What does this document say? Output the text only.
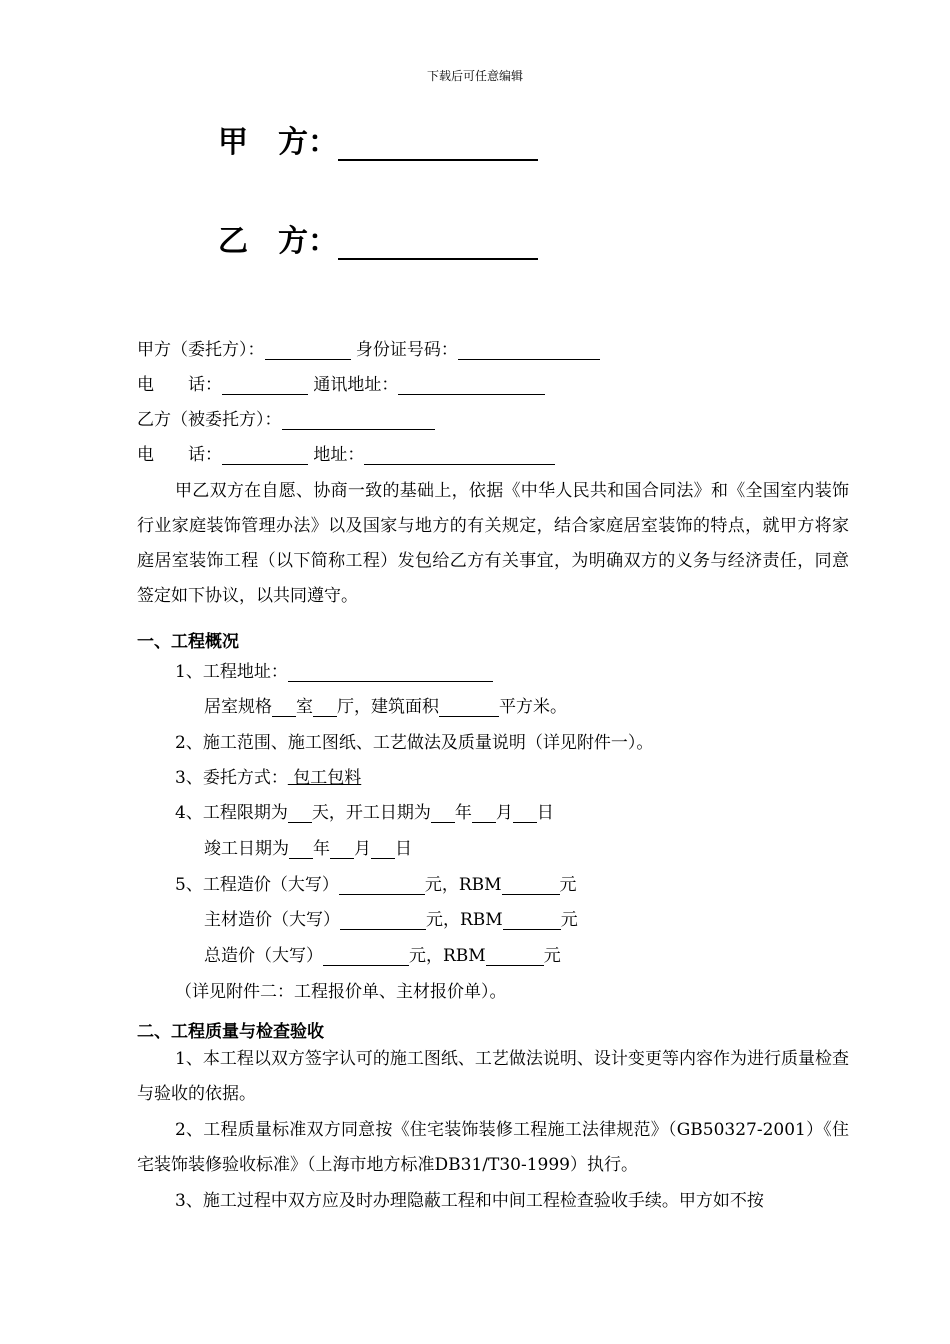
下载后可任意编辑
甲　方：
乙　方：
甲方（委托方）：	身份证号码：
电　　话：	通讯地址：
乙方（被委托方）：
电　　话：	地址：
甲乙双方在自愿、协商一致的基础上，依据《中华人民共和国合同法》和《全国室内装饰行业家庭装饰管理办法》以及国家与地方的有关规定，结合家庭居室装饰的特点，就甲方将家庭居室装饰工程（以下简称工程）发包给乙方有关事宜，为明确双方的义务与经济责任，同意签定如下协议，以共同遵守。
一、工程概况
1、工程地址：
居室规格 室 厅，建筑面积	平方米。
2、施工范围、施工图纸、工艺做法及质量说明（详见附件一）。
3、委托方式： 包工包料
4、工程限期为 天，开工日期为 年 月 日
竣工日期为 年 月 日
5、工程造价（大写）	元，RBM	元
主材造价（大写）	元，RBM	元
总造价（大写）	元，RBM	元
（详见附件二：工程报价单、主材报价单）。
二、工程质量与检查验收
1、本工程以双方签字认可的施工图纸、工艺做法说明、设计变更等内容作为进行质量检查与验收的依据。
2、工程质量标准双方同意按《住宅装饰装修工程施工法律规范》（GB50327-2001）《住宅装饰装修验收标准》（上海市地方标准DB31/T30-1999）执行。
3、施工过程中双方应及时办理隐蔽工程和中间工程检查验收手续。甲方如不按
